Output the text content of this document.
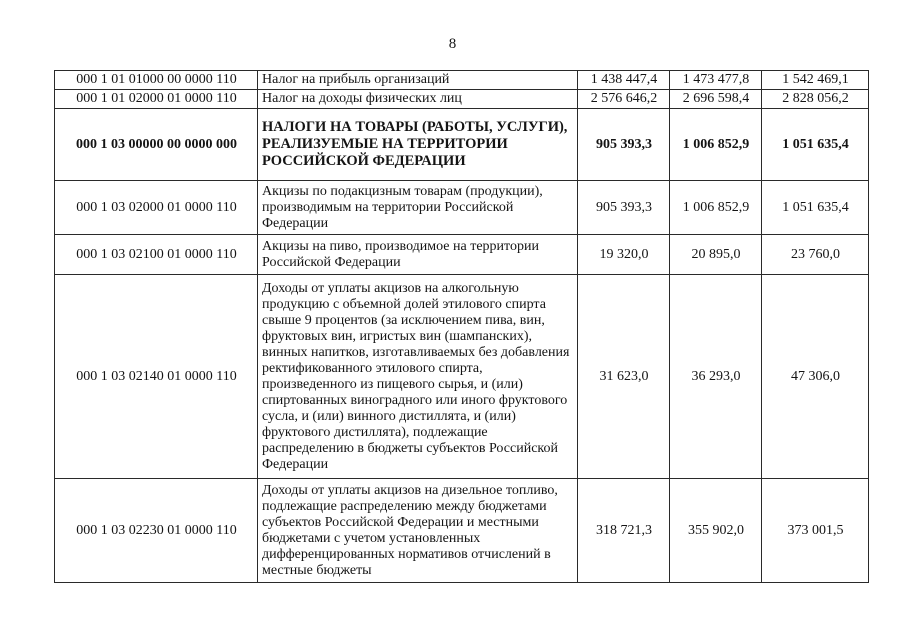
8
000 1 01 01000 00 0000 110	Налог на прибыль организаций	1 438 447,4	1 473 477,8	1 542 469,1
000 1 01 02000 01 0000 110	Налог на доходы физических лиц	2 576 646,2	2 696 598,4	2 828 056,2
000 1 03 00000 00 0000 000	НАЛОГИ НА ТОВАРЫ (РАБОТЫ, УСЛУГИ), РЕАЛИЗУЕМЫЕ НА ТЕРРИТОРИИ РОССИЙСКОЙ ФЕДЕРАЦИИ	905 393,3	1 006 852,9	1 051 635,4
000 1 03 02000 01 0000 110	Акцизы по подакцизным товарам (продукции), производимым на территории Российской Федерации	905 393,3	1 006 852,9	1 051 635,4
000 1 03 02100 01 0000 110	Акцизы на пиво, производимое на территории Российской Федерации	19 320,0	20 895,0	23 760,0
000 1 03 02140 01 0000 110	Доходы от уплаты акцизов на алкогольную продукцию с объемной долей этилового спирта свыше 9 процентов (за исключением пива, вин, фруктовых вин, игристых вин (шампанских), винных напитков, изготавливаемых без добавления ректификованного этилового спирта, произведенного из пищевого сырья, и (или) спиртованных виноградного или иного фруктового сусла, и (или) винного дистиллята, и (или) фруктового дистиллята), подлежащие распределению в бюджеты субъектов Российской Федерации	31 623,0	36 293,0	47 306,0
000 1 03 02230 01 0000 110	Доходы от уплаты акцизов на дизельное топливо, подлежащие распределению между бюджетами субъектов Российской Федерации и местными бюджетами с учетом установленных дифференцированных нормативов отчислений в местные бюджеты	318 721,3	355 902,0	373 001,5
